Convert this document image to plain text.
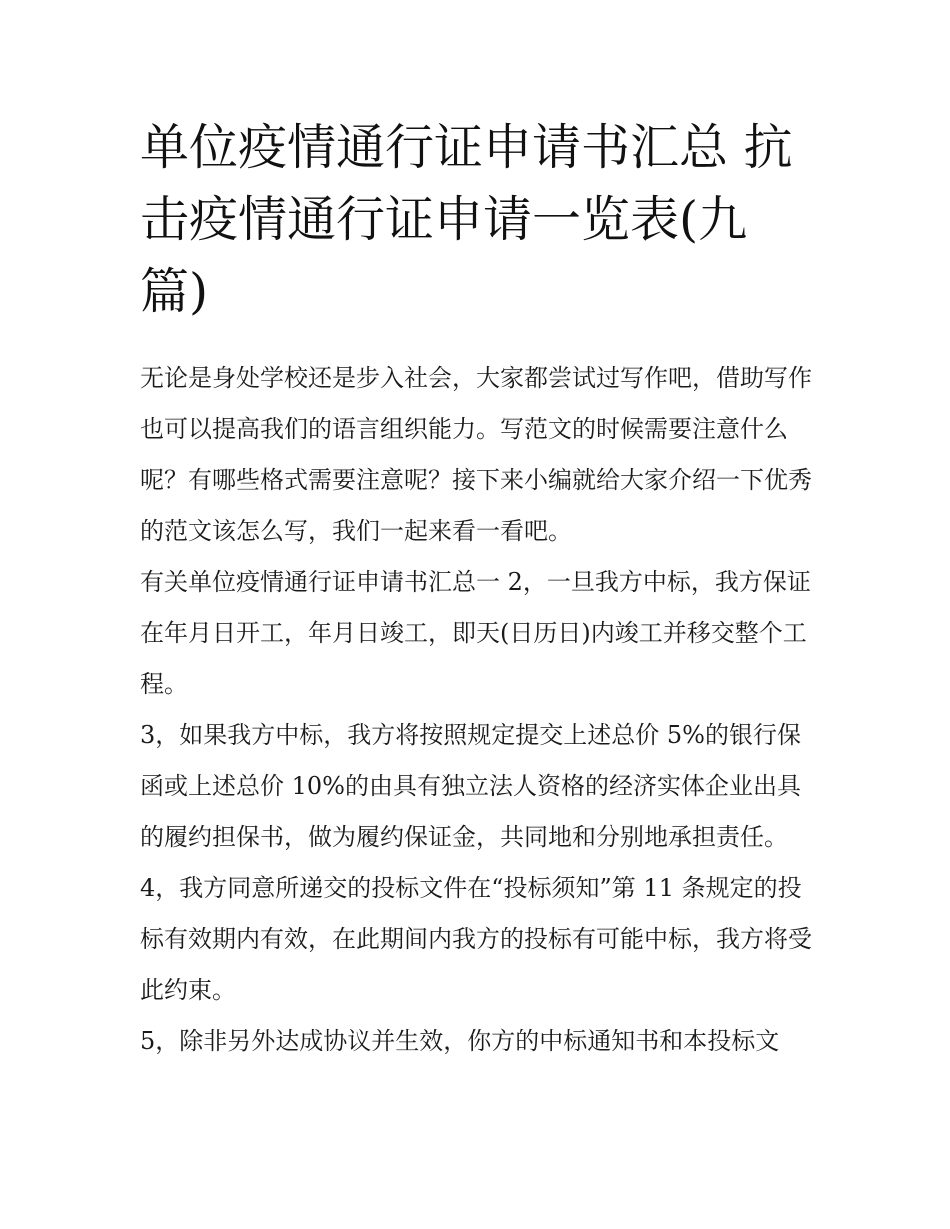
单位疫情通行证申请书汇总 抗击疫情通行证申请一览表(九篇)

无论是身处学校还是步入社会，大家都尝试过写作吧，借助写作也可以提高我们的语言组织能力。写范文的时候需要注意什么呢？有哪些格式需要注意呢？接下来小编就给大家介绍一下优秀的范文该怎么写，我们一起来看一看吧。

有关单位疫情通行证申请书汇总一 2，一旦我方中标，我方保证在年月日开工，年月日竣工，即天(日历日)内竣工并移交整个工程。

3，如果我方中标，我方将按照规定提交上述总价 5%的银行保函或上述总价 10%的由具有独立法人资格的经济实体企业出具的履约担保书，做为履约保证金，共同地和分别地承担责任。

4，我方同意所递交的投标文件在“投标须知”第 11 条规定的投标有效期内有效，在此期间内我方的投标有可能中标，我方将受此约束。

5，除非另外达成协议并生效，你方的中标通知书和本投标文
